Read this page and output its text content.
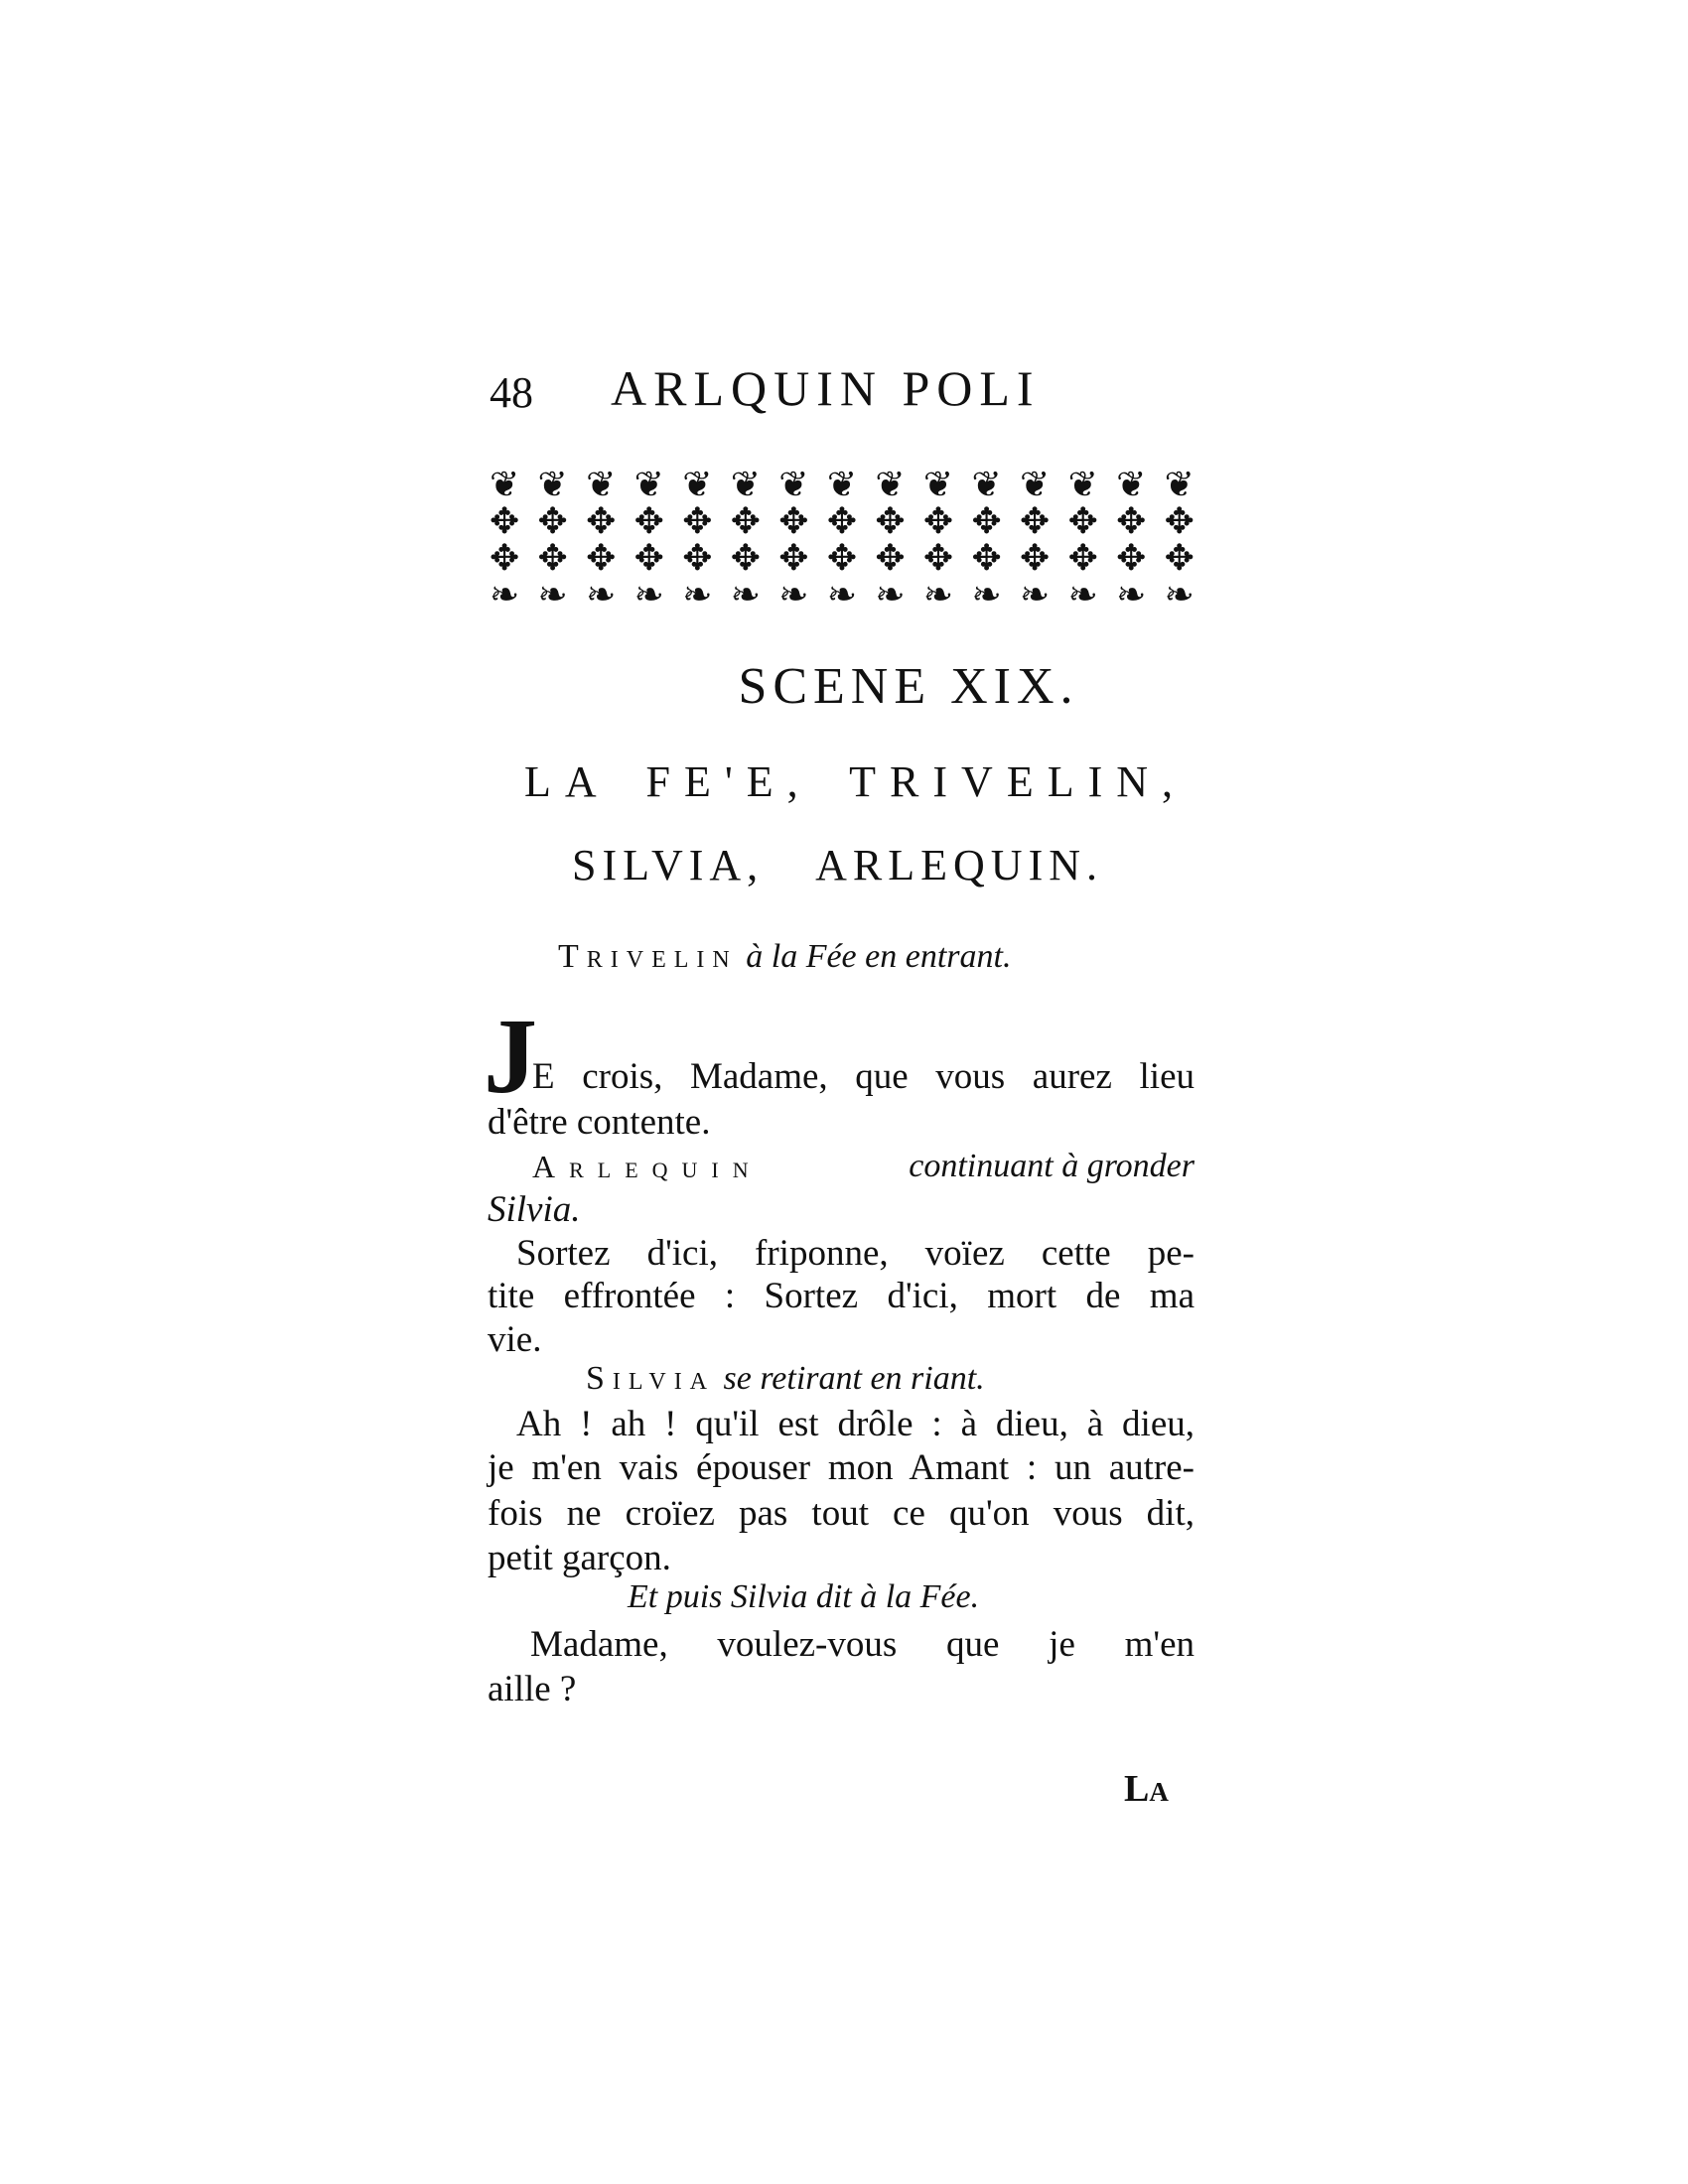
48 ARLQUIN POLI
❦ ❦ ❦ ❦ ❦ ❦ ❦ ❦ ❦ ❦ ❦ ❦ ❦ ❦ ❦
✥ ✥ ✥ ✥ ✥ ✥ ✥ ✥ ✥ ✥ ✥ ✥ ✥ ✥ ✥
✥ ✥ ✥ ✥ ✥ ✥ ✥ ✥ ✥ ✥ ✥ ✥ ✥ ✥ ✥
❧ ❧ ❧ ❧ ❧ ❧ ❧ ❧ ❧ ❧ ❧ ❧ ❧ ❧ ❧
SCENE XIX.
LA FE'E, TRIVELIN,
SILVIA, ARLEQUIN.
Trivelin à la Fée en entrant.
J
E crois, Madame, que vous aurez lieu
d'être contente.
Arlequin	continuant à gronder
Silvia.
Sortez d'ici, friponne, voïez cette pe-
tite effrontée : Sortez d'ici, mort de ma
vie.
Silvia se retirant en riant.
Ah ! ah ! qu'il est drôle : à dieu, à dieu,
je m'en vais épouser mon Amant : un autre-
fois ne croïez pas tout ce qu'on vous dit,
petit garçon.
Et puis Silvia dit à la Fée.
Madame, voulez-vous que je m'en
aille ?
La
